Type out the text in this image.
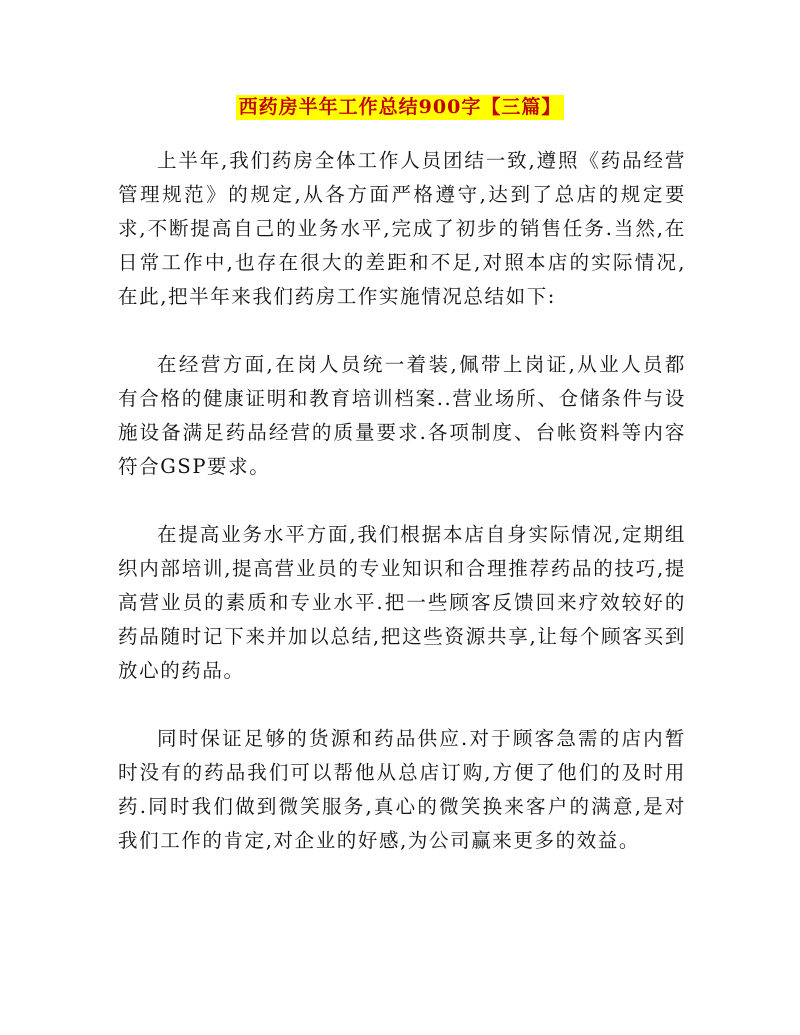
西药房半年工作总结900字【三篇】

上半年,我们药房全体工作人员团结一致,遵照《药品经营管理规范》的规定,从各方面严格遵守,达到了总店的规定要求,不断提高自己的业务水平,完成了初步的销售任务.当然,在日常工作中,也存在很大的差距和不足,对照本店的实际情况,在此,把半年来我们药房工作实施情况总结如下:

在经营方面,在岗人员统一着装,佩带上岗证,从业人员都有合格的健康证明和教育培训档案..营业场所、仓储条件与设施设备满足药品经营的质量要求.各项制度、台帐资料等内容符合GSP要求。

在提高业务水平方面,我们根据本店自身实际情况,定期组织内部培训,提高营业员的专业知识和合理推荐药品的技巧,提高营业员的素质和专业水平.把一些顾客反馈回来疗效较好的药品随时记下来并加以总结,把这些资源共享,让每个顾客买到放心的药品。

同时保证足够的货源和药品供应.对于顾客急需的店内暂时没有的药品我们可以帮他从总店订购,方便了他们的及时用药.同时我们做到微笑服务,真心的微笑换来客户的满意,是对我们工作的肯定,对企业的好感,为公司赢来更多的效益。
